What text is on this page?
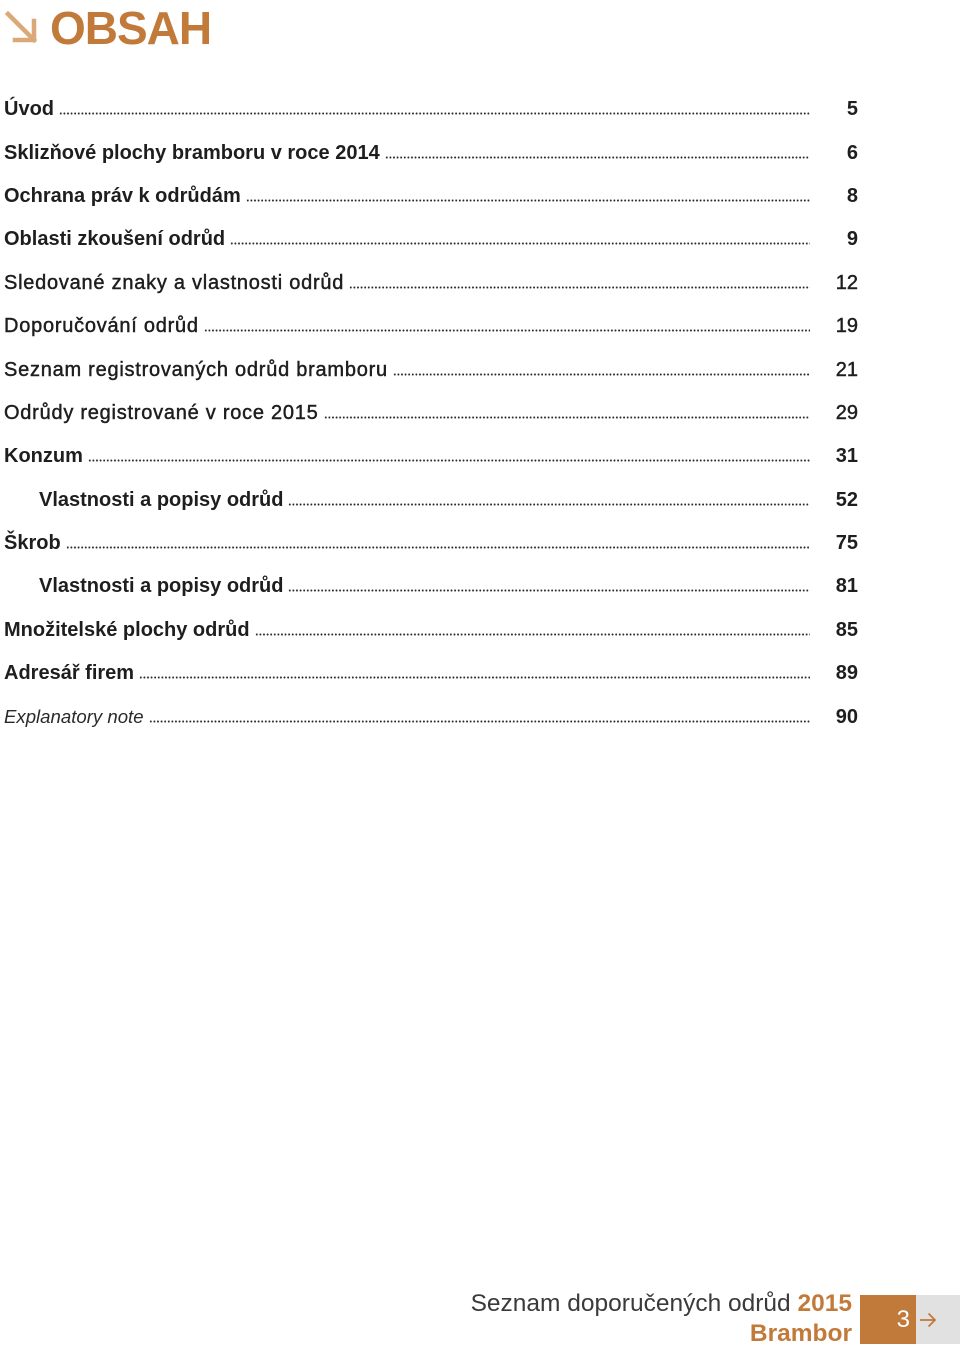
OBSAH
Úvod	5
Sklizňové plochy bramboru v roce 2014	6
Ochrana práv k odrůdám	8
Oblasti zkoušení odrůd	9
Sledované znaky a vlastnosti odrůd	12
Doporučování odrůd	19
Seznam registrovaných odrůd bramboru	21
Odrůdy registrované v roce 2015	29
Konzum	31
Vlastnosti a popisy odrůd	52
Škrob	75
Vlastnosti a popisy odrůd	81
Množitelské plochy odrůd	85
Adresář firem	89
Explanatory note	90
Seznam doporučených odrůd 2015
Brambor	3
